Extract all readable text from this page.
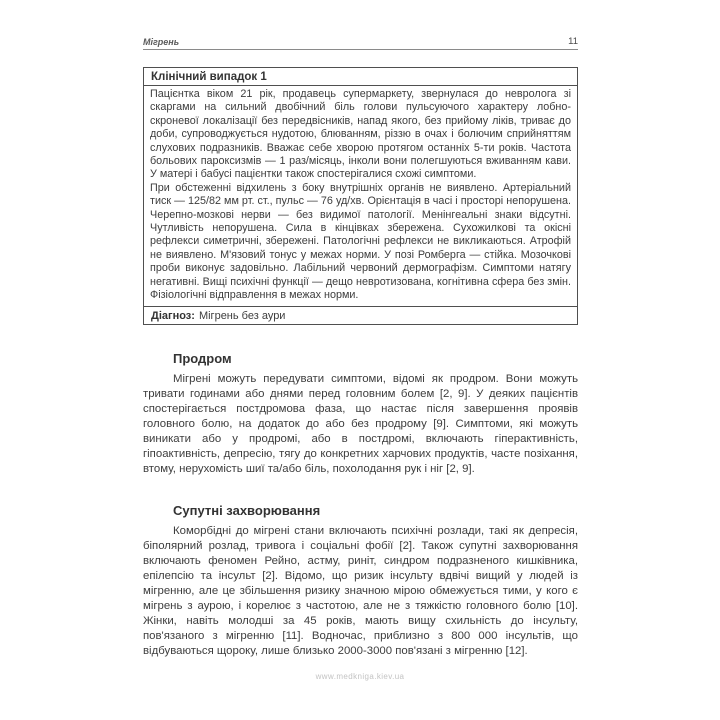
Мігрень	11
Клінічний випадок 1

Пацієнтка віком 21 рік, продавець супермаркету, звернулася до невролога зі скаргами на сильний двобічний біль голови пульсуючого характеру лобно-скроневої локалізації без передвісників, напад якого, без прийому ліків, триває до доби, супроводжується нудотою, блюванням, різзю в очах і болючим сприйняттям слухових подразників. Вважає себе хворою протягом останніх 5-ти років. Частота больових пароксизмів — 1 раз/місяць, інколи вони полегшуються вживанням кави. У матері і бабусі пацієнтки також спостерігалися схожі симптоми.

При обстеженні відхилень з боку внутрішніх органів не виявлено. Артеріальний тиск — 125/82 мм рт. ст., пульс — 76 уд/хв. Орієнтація в часі і просторі непорушена. Черепно-мозкові нерви — без видимої патології. Менінгеальні знаки відсутні. Чутливість непорушена. Сила в кінцівках збережена. Сухожилкові та окісні рефлекси симетричні, збережені. Патологічні рефлекси не викликаються. Атрофій не виявлено. М'язовий тонус у межах норми. У позі Ромберга — стійка. Мозочкові проби виконує задовільно. Лабільний червоний дермографізм. Симптоми натягу негативні. Вищі психічні функції — дещо невротизована, когнітивна сфера без змін. Фізіологічні відправлення в межах норми.

Діагноз: Мігрень без аури
Продром

Мігрені можуть передувати симптоми, відомі як продром. Вони можуть тривати годинами або днями перед головним болем [2, 9]. У деяких пацієнтів спостерігається постдромова фаза, що настає після завершення проявів головного болю, на додаток до або без продрому [9]. Симптоми, які можуть виникати або у продромі, або в постдромі, включають гіперактивність, гіпоактивність, депресію, тягу до конкретних харчових продуктів, часте позіхання, втому, нерухомість шиї та/або біль, похолодання рук і ніг [2, 9].

Супутні захворювання

Коморбідні до мігрені стани включають психічні розлади, такі як депресія, біполярний розлад, тривога і соціальні фобії [2]. Також супутні захворювання включають феномен Рейно, астму, риніт, синдром подразненого кишківника, епілепсію та інсульт [2]. Відомо, що ризик інсульту вдвічі вищий у людей із мігренню, але це збільшення ризику значною мірою обмежується тими, у кого є мігрень з аурою, і корелює з частотою, але не з тяжкістю головного болю [10]. Жінки, навіть молодші за 45 років, мають вищу схильність до інсульту, пов'язаного з мігренню [11]. Водночас, приблизно з 800 000 інсультів, що відбуваються щороку, лише близько 2000-3000 пов'язані з мігренню [12].

www.medkniga.kiev.ua
